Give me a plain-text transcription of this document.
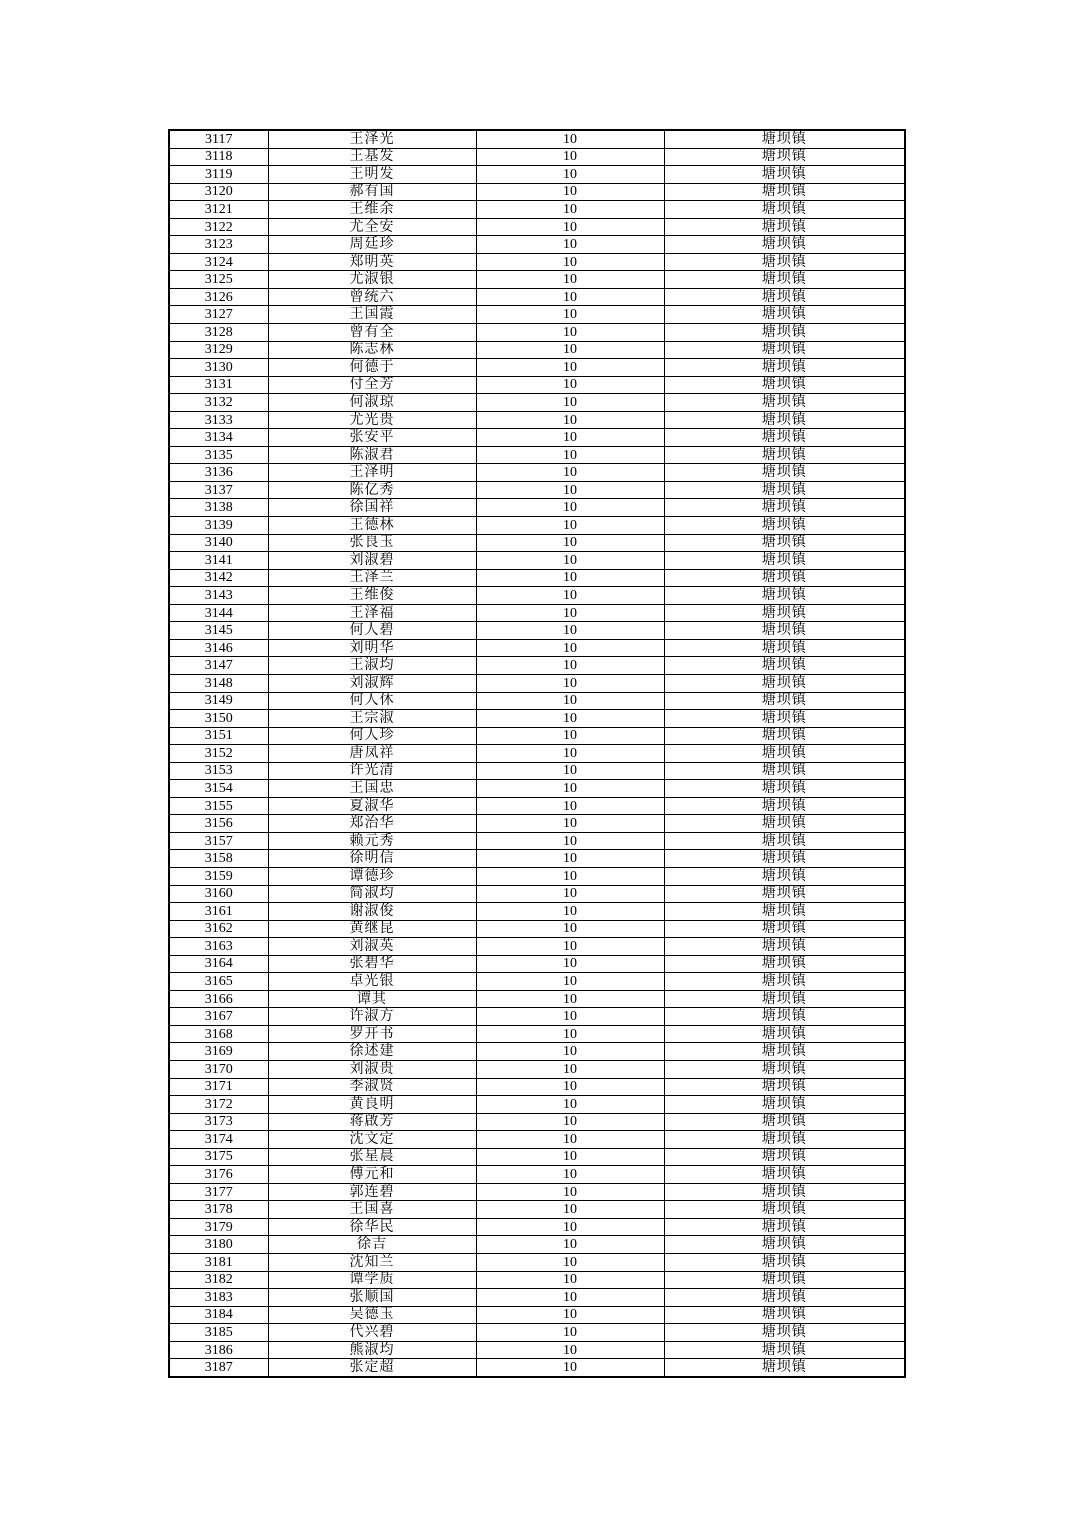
3117	王泽光	10	塘坝镇
3118	王基发	10	塘坝镇
3119	王明发	10	塘坝镇
3120	郝有国	10	塘坝镇
3121	王维余	10	塘坝镇
3122	尤全安	10	塘坝镇
3123	周廷珍	10	塘坝镇
3124	郑明英	10	塘坝镇
3125	尤淑银	10	塘坝镇
3126	曾统六	10	塘坝镇
3127	王国霞	10	塘坝镇
3128	曾有全	10	塘坝镇
3129	陈志林	10	塘坝镇
3130	何德于	10	塘坝镇
3131	付全芳	10	塘坝镇
3132	何淑琼	10	塘坝镇
3133	尤光贵	10	塘坝镇
3134	张安平	10	塘坝镇
3135	陈淑君	10	塘坝镇
3136	王泽明	10	塘坝镇
3137	陈亿秀	10	塘坝镇
3138	徐国祥	10	塘坝镇
3139	王德林	10	塘坝镇
3140	张良玉	10	塘坝镇
3141	刘淑碧	10	塘坝镇
3142	王泽兰	10	塘坝镇
3143	王维俊	10	塘坝镇
3144	王泽福	10	塘坝镇
3145	何人碧	10	塘坝镇
3146	刘明华	10	塘坝镇
3147	王淑均	10	塘坝镇
3148	刘淑辉	10	塘坝镇
3149	何人休	10	塘坝镇
3150	王宗淑	10	塘坝镇
3151	何人珍	10	塘坝镇
3152	唐凤祥	10	塘坝镇
3153	许光清	10	塘坝镇
3154	王国忠	10	塘坝镇
3155	夏淑华	10	塘坝镇
3156	郑治华	10	塘坝镇
3157	赖元秀	10	塘坝镇
3158	徐明信	10	塘坝镇
3159	谭德珍	10	塘坝镇
3160	简淑均	10	塘坝镇
3161	谢淑俊	10	塘坝镇
3162	黄继昆	10	塘坝镇
3163	刘淑英	10	塘坝镇
3164	张碧华	10	塘坝镇
3165	卓光银	10	塘坝镇
3166	谭其	10	塘坝镇
3167	许淑方	10	塘坝镇
3168	罗开书	10	塘坝镇
3169	徐述建	10	塘坝镇
3170	刘淑贵	10	塘坝镇
3171	李淑贤	10	塘坝镇
3172	黄良明	10	塘坝镇
3173	蒋啟芳	10	塘坝镇
3174	沈文定	10	塘坝镇
3175	张星晨	10	塘坝镇
3176	傅元和	10	塘坝镇
3177	郭连碧	10	塘坝镇
3178	王国喜	10	塘坝镇
3179	徐华民	10	塘坝镇
3180	徐吉	10	塘坝镇
3181	沈知兰	10	塘坝镇
3182	谭学质	10	塘坝镇
3183	张顺国	10	塘坝镇
3184	吴德玉	10	塘坝镇
3185	代兴碧	10	塘坝镇
3186	熊淑均	10	塘坝镇
3187	张定超	10	塘坝镇
